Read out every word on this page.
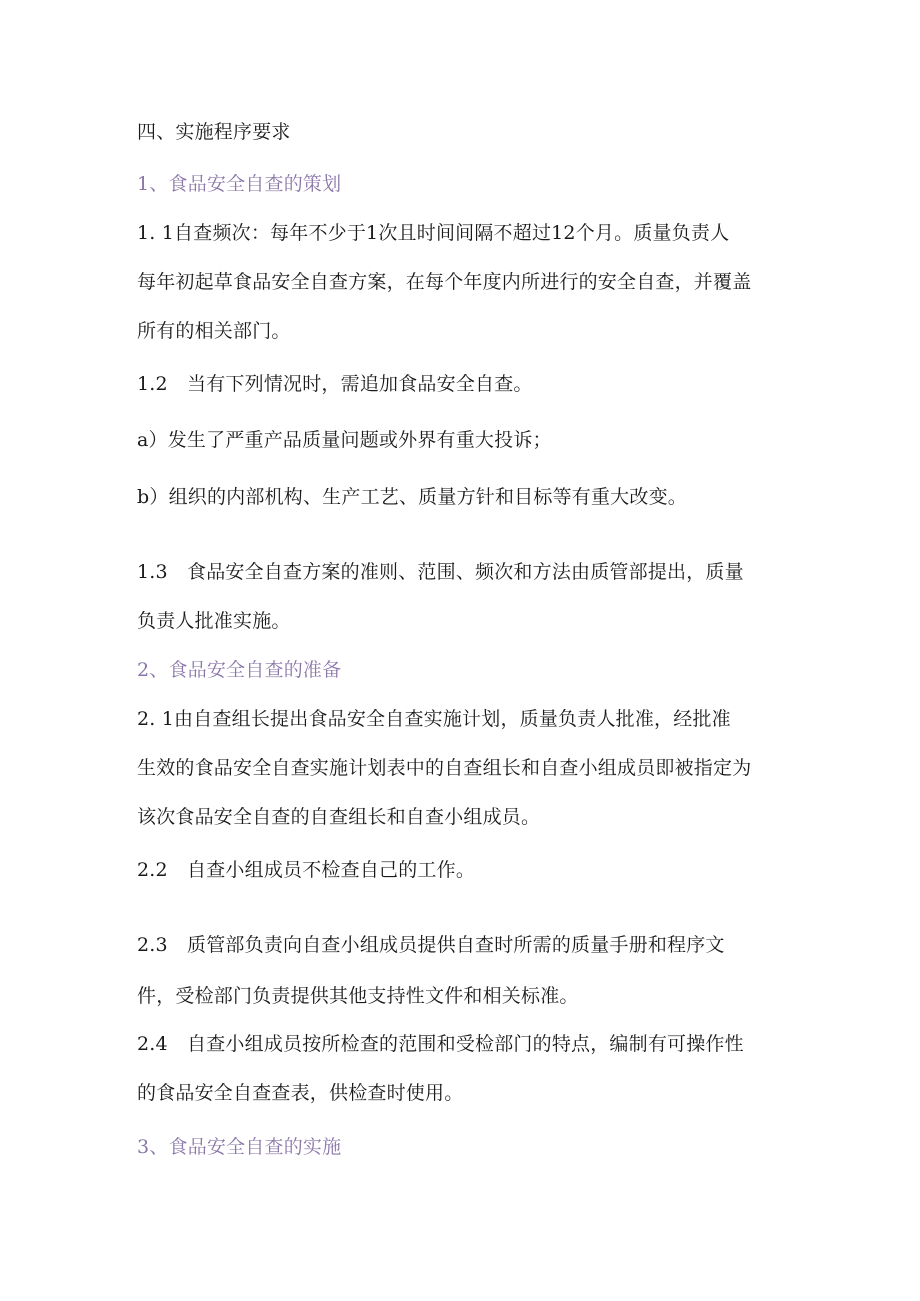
四、实施程序要求
1、食品安全自查的策划
1. 1自查频次：每年不少于1次且时间间隔不超过12个月。质量负责人
每年初起草食品安全自查方案，在每个年度内所进行的安全自查，并覆盖
所有的相关部门。
1.2　当有下列情况时，需追加食品安全自查。
a）发生了严重产品质量问题或外界有重大投诉；
b）组织的内部机构、生产工艺、质量方针和目标等有重大改变。
1.3　食品安全自查方案的准则、范围、频次和方法由质管部提出，质量
负责人批准实施。
2、食品安全自查的准备
2. 1由自查组长提出食品安全自查实施计划，质量负责人批准，经批准
生效的食品安全自查实施计划表中的自查组长和自查小组成员即被指定为
该次食品安全自查的自查组长和自查小组成员。
2.2　自查小组成员不检查自己的工作。
2.3　质管部负责向自查小组成员提供自查时所需的质量手册和程序文
件，受检部门负责提供其他支持性文件和相关标准。
2.4　自查小组成员按所检查的范围和受检部门的特点，编制有可操作性
的食品安全自查查表，供检查时使用。
3、食品安全自查的实施
